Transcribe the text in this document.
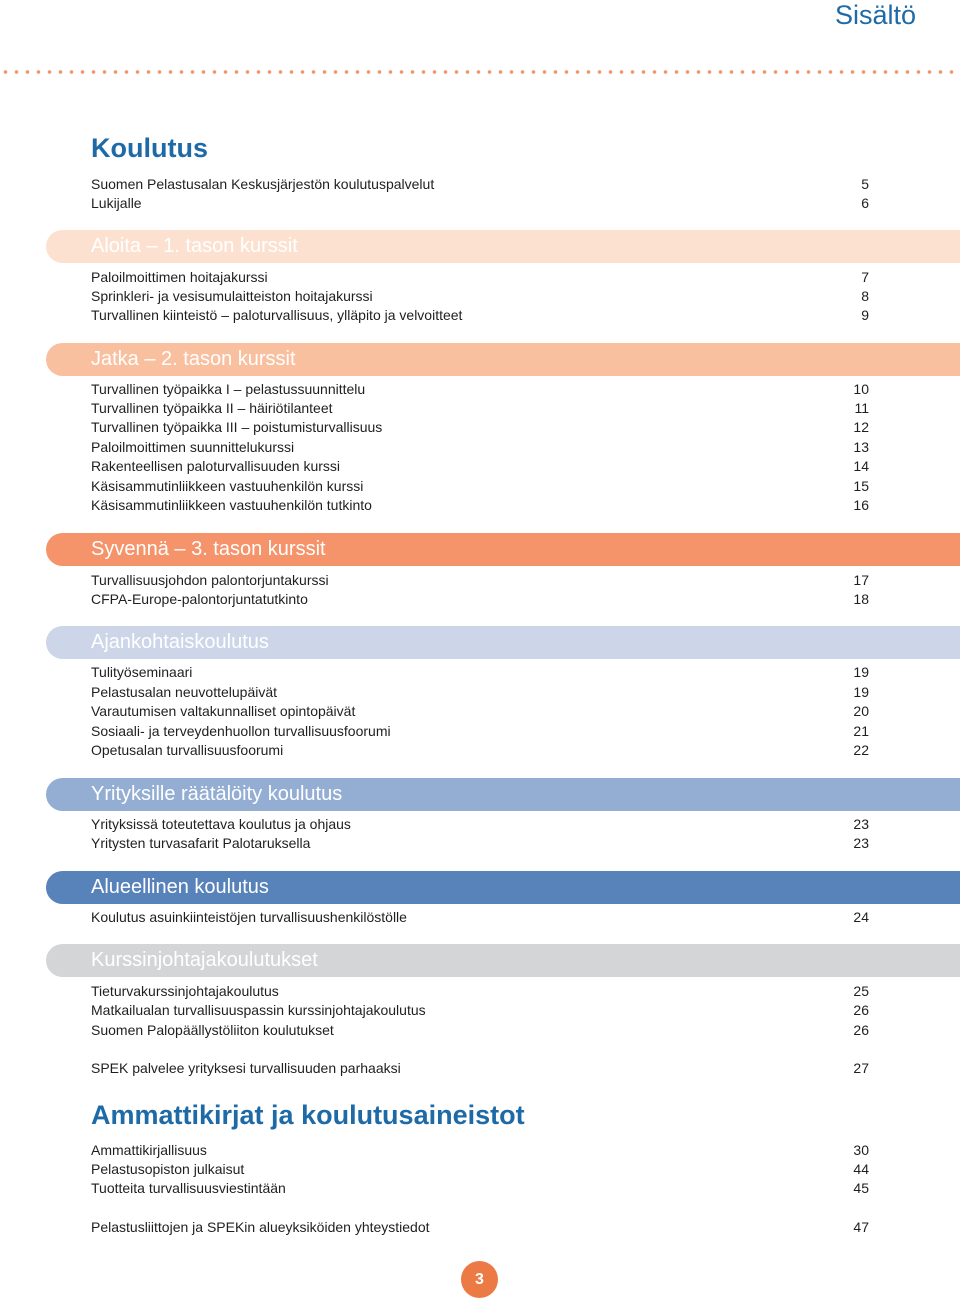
Sisältö
Koulutus
Suomen Pelastusalan Keskusjärjestön koulutuspalvelut	5
Lukijalle	6
Aloita – 1. tason kurssit
Paloilmoittimen hoitajakurssi	7
Sprinkleri- ja vesisumulaitteiston hoitajakurssi	8
Turvallinen kiinteistö – paloturvallisuus, ylläpito ja velvoitteet	9
Jatka – 2. tason kurssit
Turvallinen työpaikka I – pelastussuunnittelu	10
Turvallinen työpaikka II – häiriötilanteet	11
Turvallinen työpaikka III – poistumisturvallisuus	12
Paloilmoittimen suunnittelukurssi	13
Rakenteellisen paloturvallisuuden kurssi	14
Käsisammutinliikkeen vastuuhenkilön kurssi	15
Käsisammutinliikkeen vastuuhenkilön tutkinto	16
Syvennä – 3. tason kurssit
Turvallisuusjohdon palontorjuntakurssi	17
CFPA-Europe-palontorjuntatutkinto	18
Ajankohtaiskoulutus
Tulityöseminaari	19
Pelastusalan neuvottelupäivät	19
Varautumisen valtakunnalliset opintopäivät	20
Sosiaali- ja terveydenhuollon turvallisuusfoorumi	21
Opetusalan turvallisuusfoorumi	22
Yrityksille räätälöity koulutus
Yrityksissä toteutettava koulutus ja ohjaus	23
Yritysten turvasafarit Palotaruksella	23
Alueellinen koulutus
Koulutus asuinkiinteistöjen turvallisuushenkilöstölle	24
Kurssinjohtajakoulutukset
Tieturvakurssinjohtajakoulutus	25
Matkailualan turvallisuuspassin kurssinjohtajakoulutus	26
Suomen Palopäällystöliiton koulutukset	26
SPEK palvelee yrityksesi turvallisuuden parhaaksi	27
Ammattikirjat ja koulutusaineistot
Ammattikirjallisuus	30
Pelastusopiston julkaisut	44
Tuotteita turvallisuusviestintään	45
Pelastusliittojen ja SPEKin alueyksiköiden yhteystiedot	47
3
